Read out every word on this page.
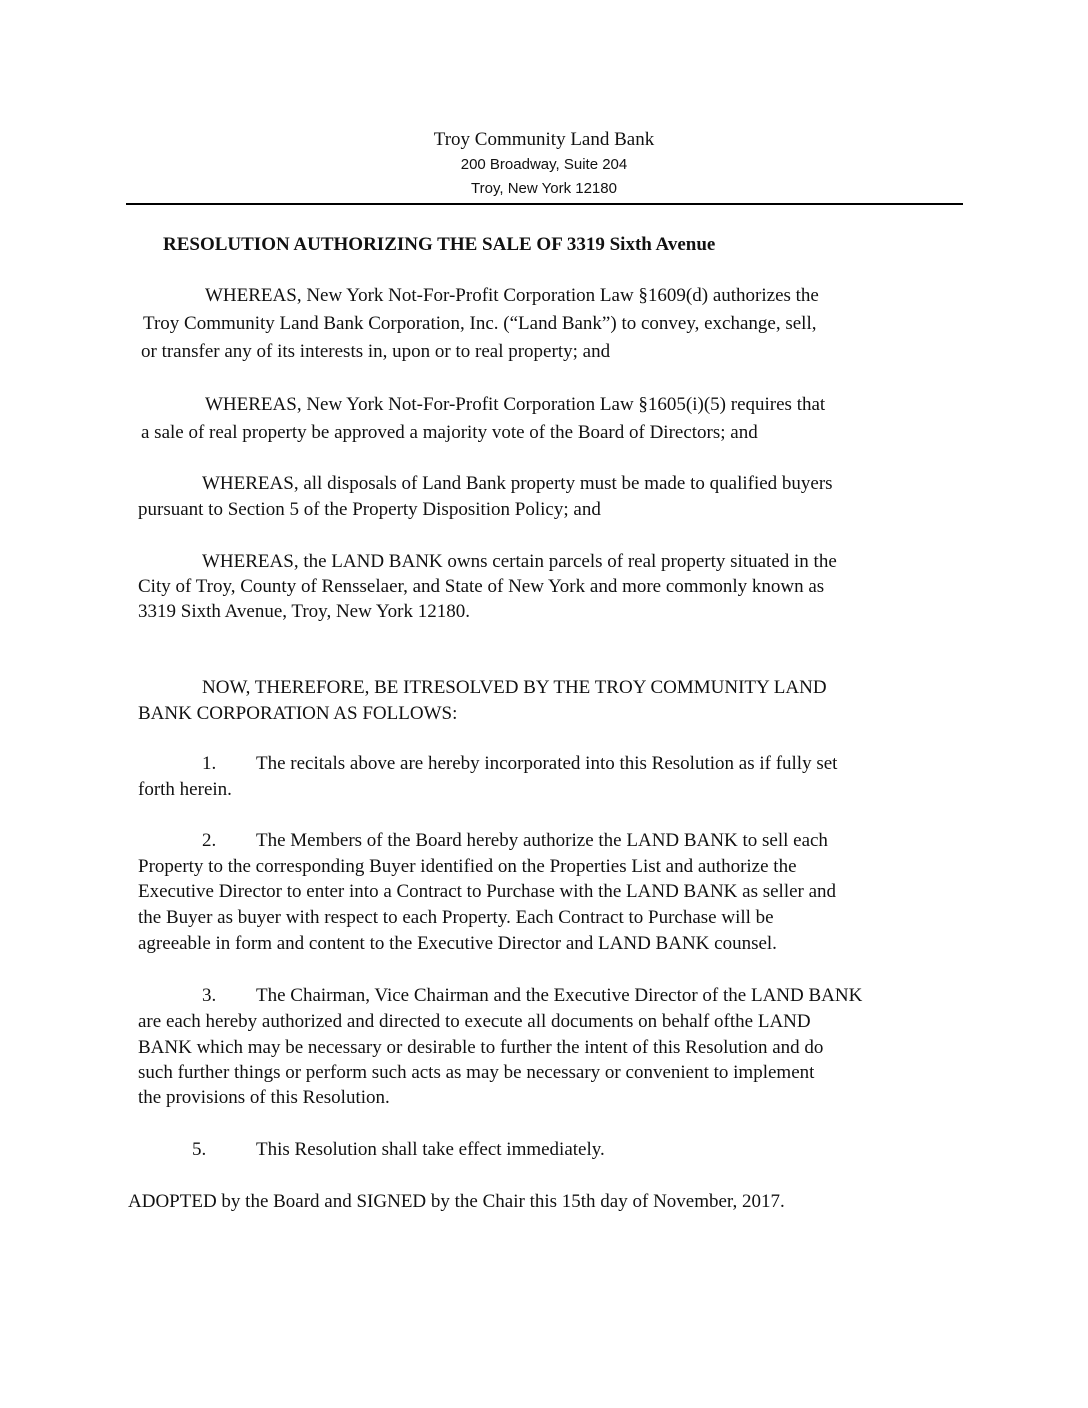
Troy Community Land Bank
200 Broadway, Suite 204
Troy, New York 12180
RESOLUTION AUTHORIZING THE SALE OF 3319 Sixth Avenue
WHEREAS, New York Not-For-Profit Corporation Law §1609(d) authorizes the
Troy Community Land Bank Corporation, Inc. (“Land Bank”) to convey, exchange, sell,
or transfer any of its interests in, upon or to real property; and
WHEREAS, New York Not-For-Profit Corporation Law §1605(i)(5) requires that
a sale of real property be approved a majority vote of the Board of Directors; and
WHEREAS, all disposals of Land Bank property must be made to qualified buyers
pursuant to Section 5 of the Property Disposition Policy; and
WHEREAS, the LAND BANK owns certain parcels of real property situated in the
City of Troy, County of Rensselaer, and State of New York and more commonly known as
3319 Sixth Avenue, Troy, New York 12180.
NOW, THEREFORE, BE ITRESOLVED BY THE TROY COMMUNITY LAND
BANK CORPORATION AS FOLLOWS:
1. The recitals above are hereby incorporated into this Resolution as if fully set
forth herein.
2. The Members of the Board hereby authorize the LAND BANK to sell each
Property to the corresponding Buyer identified on the Properties List and authorize the
Executive Director to enter into a Contract to Purchase with the LAND BANK as seller and
the Buyer as buyer with respect to each Property. Each Contract to Purchase will be
agreeable in form and content to the Executive Director and LAND BANK counsel.
3. The Chairman, Vice Chairman and the Executive Director of the LAND BANK
are each hereby authorized and directed to execute all documents on behalf ofthe LAND
BANK which may be necessary or desirable to further the intent of this Resolution and do
such further things or perform such acts as may be necessary or convenient to implement
the provisions of this Resolution.
5.	This Resolution shall take effect immediately.
ADOPTED by the Board and SIGNED by the Chair this 15th day of November, 2017.
